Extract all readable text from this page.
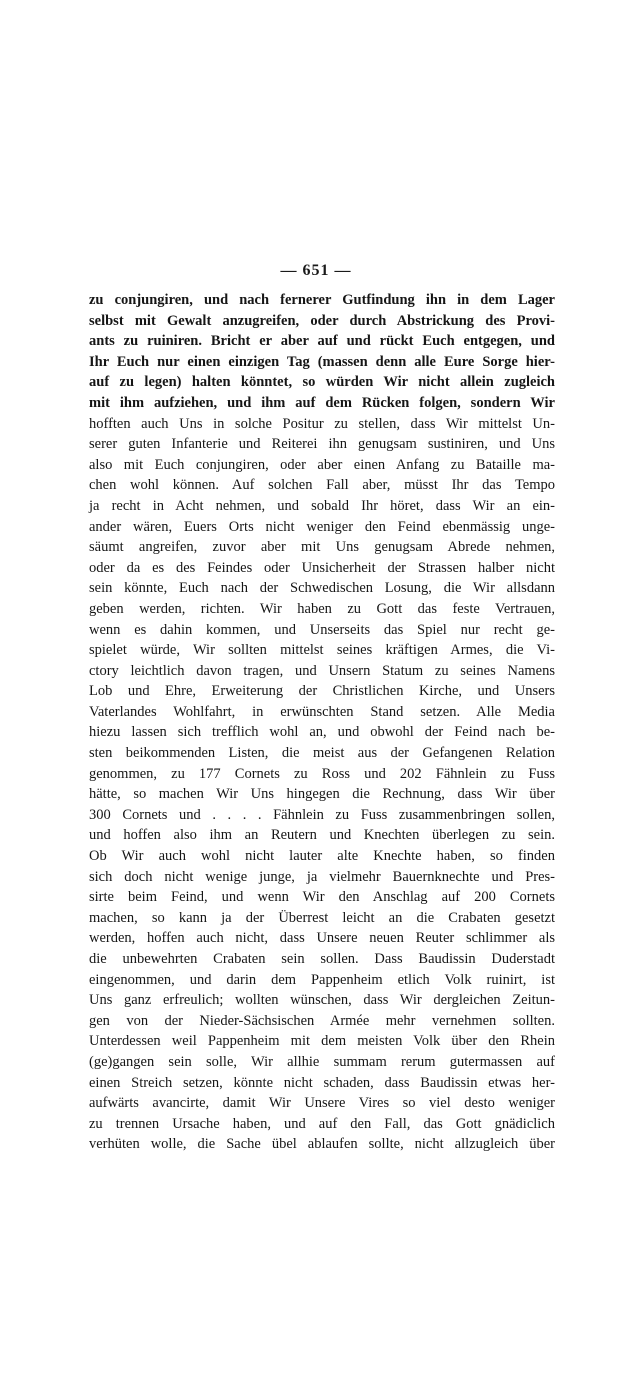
— 651 —
zu conjungiren, und nach fernerer Gutfindung ihn in dem Lager
selbst mit Gewalt anzugreifen, oder durch Abstrickung des Provi-
ants zu ruiniren. Bricht er aber auf und rückt Euch entgegen, und
Ihr Euch nur einen einzigen Tag (massen denn alle Eure Sorge hier-
auf zu legen) halten könntet, so würden Wir nicht allein zugleich
mit ihm aufziehen, und ihm auf dem Rücken folgen, sondern Wir
hofften auch Uns in solche Positur zu stellen, dass Wir mittelst Un-
serer guten Infanterie und Reiterei ihn genugsam sustiniren, und Uns
also mit Euch conjungiren, oder aber einen Anfang zu Bataille ma-
chen wohl können. Auf solchen Fall aber, müsst Ihr das Tempo
ja recht in Acht nehmen, und sobald Ihr höret, dass Wir an ein-
ander wären, Euers Orts nicht weniger den Feind ebenmässig unge-
säumt angreifen, zuvor aber mit Uns genugsam Abrede nehmen,
oder da es des Feindes oder Unsicherheit der Strassen halber nicht
sein könnte, Euch nach der Schwedischen Losung, die Wir allsdann
geben werden, richten. Wir haben zu Gott das feste Vertrauen,
wenn es dahin kommen, und Unserseits das Spiel nur recht ge-
spielet würde, Wir sollten mittelst seines kräftigen Armes, die Vi-
ctory leichtlich davon tragen, und Unsern Statum zu seines Namens
Lob und Ehre, Erweiterung der Christlichen Kirche, und Unsers
Vaterlandes Wohlfahrt, in erwünschten Stand setzen. Alle Media
hiezu lassen sich trefflich wohl an, und obwohl der Feind nach be-
sten beikommenden Listen, die meist aus der Gefangenen Relation
genommen, zu 177 Cornets zu Ross und 202 Fähnlein zu Fuss
hätte, so machen Wir Uns hingegen die Rechnung, dass Wir über
300 Cornets und . . . . Fähnlein zu Fuss zusammenbringen sollen,
und hoffen also ihm an Reutern und Knechten überlegen zu sein.
Ob Wir auch wohl nicht lauter alte Knechte haben, so finden
sich doch nicht wenige junge, ja vielmehr Bauernknechte und Pres-
sirte beim Feind, und wenn Wir den Anschlag auf 200 Cornets
machen, so kann ja der Überrest leicht an die Crabaten gesetzt
werden, hoffen auch nicht, dass Unsere neuen Reuter schlimmer als
die unbewehrten Crabaten sein sollen. Dass Baudissin Duderstadt
eingenommen, und darin dem Pappenheim etlich Volk ruinirt, ist
Uns ganz erfreulich; wollten wünschen, dass Wir dergleichen Zeitun-
gen von der Nieder-Sächsischen Armée mehr vernehmen sollten.
Unterdessen weil Pappenheim mit dem meisten Volk über den Rhein
(ge)gangen sein solle, Wir allhie summam rerum gutermassen auf
einen Streich setzen, könnte nicht schaden, dass Baudissin etwas her-
aufwärts avancirte, damit Wir Unsere Vires so viel desto weniger
zu trennen Ursache haben, und auf den Fall, das Gott gnädiclich
verhüten wolle, die Sache übel ablaufen sollte, nicht allzugleich über
